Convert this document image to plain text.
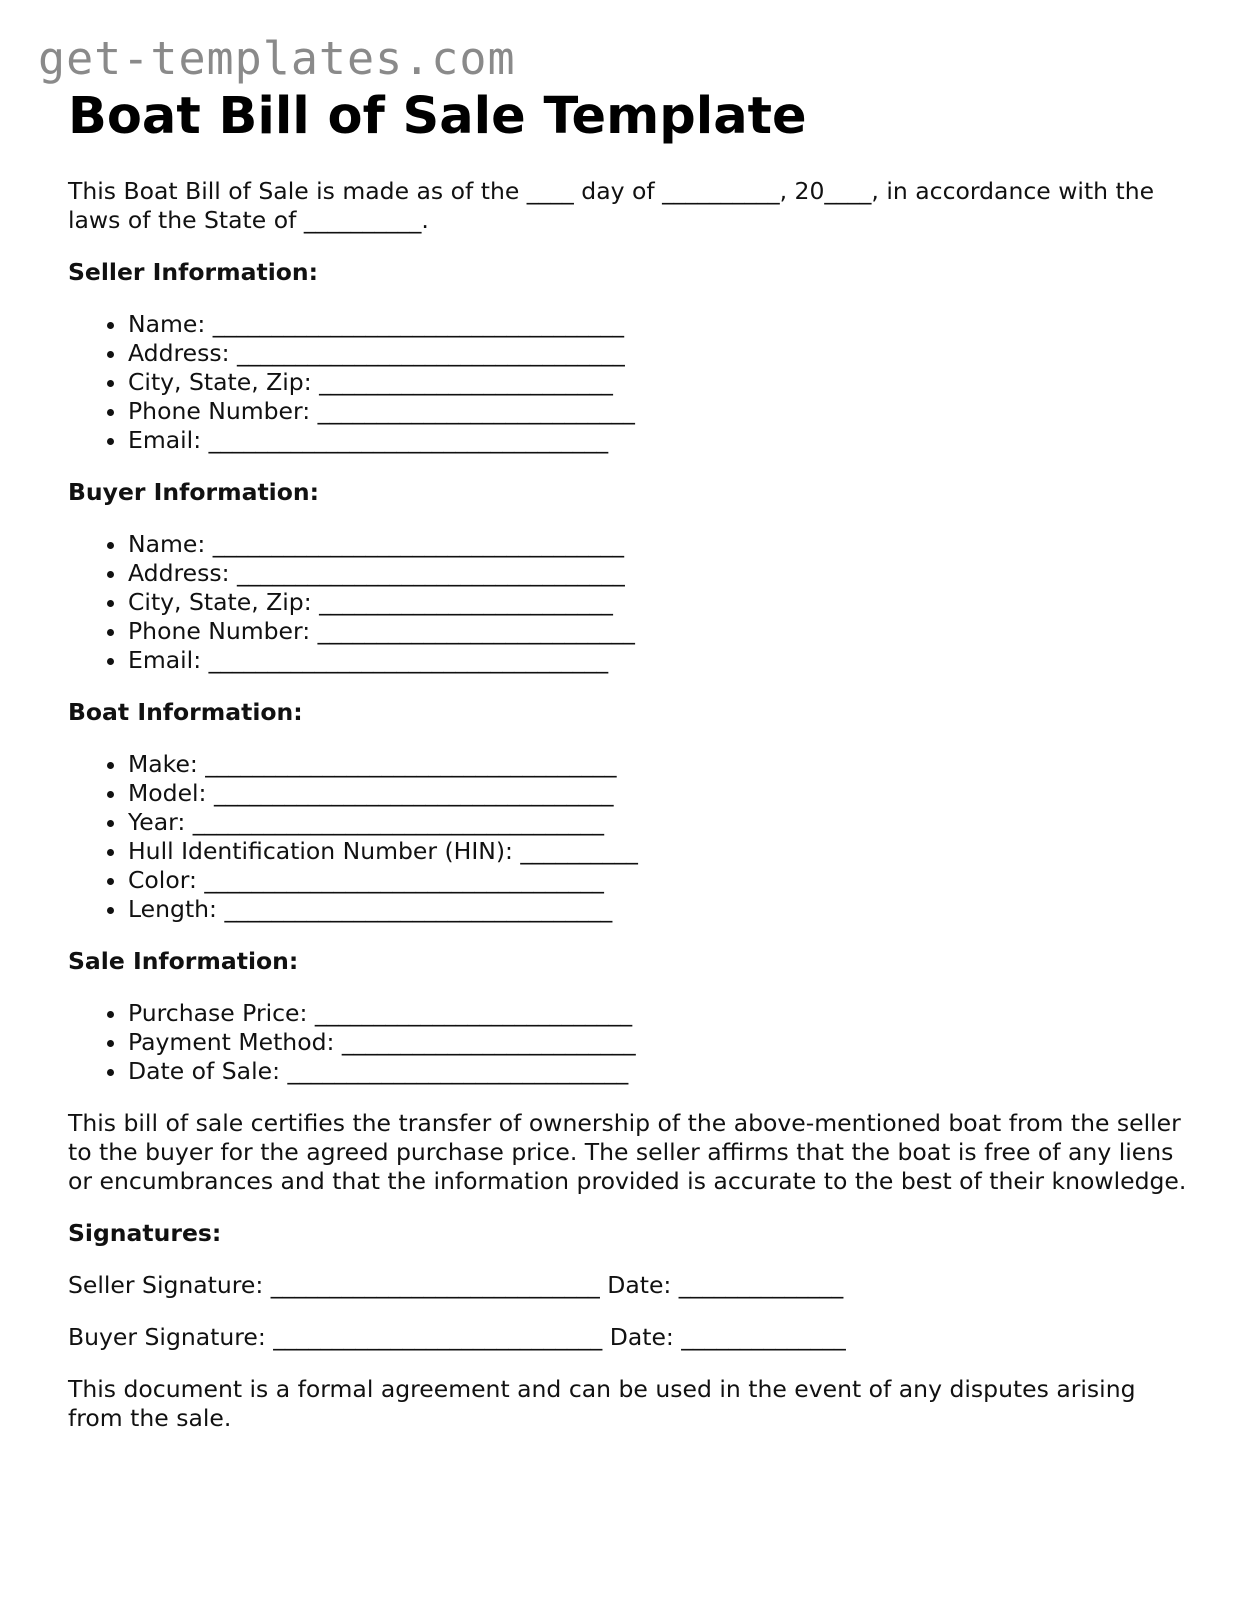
get-templates.com
Boat Bill of Sale Template

This Boat Bill of Sale is made as of the ____ day of __________, 20____, in accordance with the laws of the State of __________.

Seller Information:
• Name: ___________________________________
• Address: _________________________________
• City, State, Zip: _________________________
• Phone Number: ___________________________
• Email: __________________________________
Buyer Information:
• Name: ___________________________________
• Address: _________________________________
• City, State, Zip: _________________________
• Phone Number: ___________________________
• Email: __________________________________
Boat Information:
• Make: ___________________________________
• Model: __________________________________
• Year: ___________________________________
• Hull Identification Number (HIN): __________
• Color: __________________________________
• Length: _________________________________
Sale Information:
• Purchase Price: ___________________________
• Payment Method: _________________________
• Date of Sale: _____________________________

This bill of sale certifies the transfer of ownership of the above-mentioned boat from the seller to the buyer for the agreed purchase price. The seller affirms that the boat is free of any liens or encumbrances and that the information provided is accurate to the best of their knowledge.

Signatures:

Seller Signature: ____________________________ Date: ______________

Buyer Signature: ____________________________ Date: ______________

This document is a formal agreement and can be used in the event of any disputes arising from the sale.
